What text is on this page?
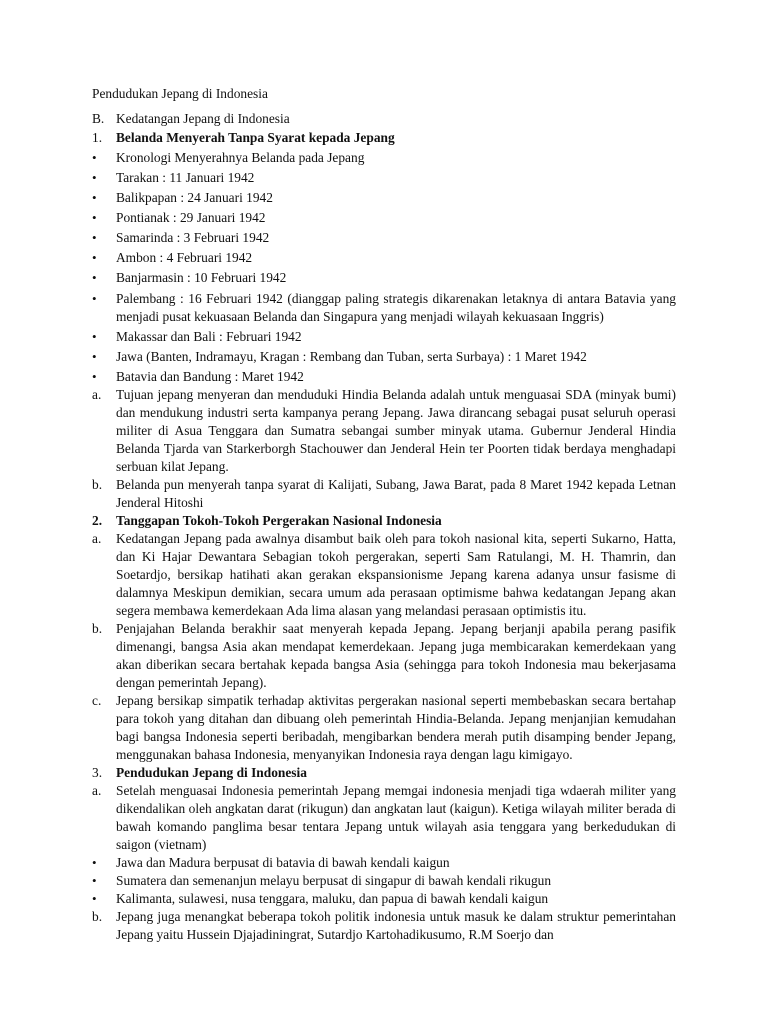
Pendudukan Jepang di Indonesia
B. Kedatangan Jepang di Indonesia
1.	Belanda Menyerah Tanpa Syarat kepada Jepang
•	Kronologi Menyerahnya Belanda pada Jepang
•	Tarakan : 11 Januari 1942
•	Balikpapan : 24 Januari 1942
•	Pontianak : 29 Januari 1942
•	Samarinda : 3 Februari 1942
•	Ambon : 4 Februari 1942
•	Banjarmasin : 10 Februari 1942
•	Palembang : 16 Februari 1942 (dianggap paling strategis dikarenakan letaknya di antara Batavia yang menjadi pusat kekuasaan Belanda dan Singapura yang menjadi wilayah kekuasaan Inggris)
•	Makassar dan Bali : Februari 1942
•	Jawa (Banten, Indramayu, Kragan : Rembang dan Tuban, serta Surbaya) : 1 Maret 1942
•	Batavia dan Bandung : Maret 1942
a.	Tujuan jepang menyeran dan menduduki Hindia Belanda adalah untuk menguasai SDA (minyak bumi) dan mendukung industri serta kampanya perang Jepang. Jawa dirancang sebagai pusat seluruh operasi militer di Asua Tenggara dan Sumatra sebangai sumber minyak utama. Gubernur Jenderal Hindia Belanda Tjarda van Starkerborgh Stachouwer dan Jenderal Hein ter Poorten tidak berdaya menghadapi serbuan kilat Jepang.
b.	Belanda pun menyerah tanpa syarat di Kalijati, Subang, Jawa Barat, pada 8 Maret 1942 kepada Letnan Jenderal Hitoshi
2.	Tanggapan Tokoh-Tokoh Pergerakan Nasional Indonesia
a.	Kedatangan Jepang pada awalnya disambut baik oleh para tokoh nasional kita, seperti Sukarno, Hatta, dan Ki Hajar Dewantara Sebagian tokoh pergerakan, seperti Sam Ratulangi, M. H. Thamrin, dan Soetardjo, bersikap hatihati akan gerakan ekspansionisme Jepang karena adanya unsur fasisme di dalamnya Meskipun demikian, secara umum ada perasaan optimisme bahwa kedatangan Jepang akan segera membawa kemerdekaan Ada lima alasan yang melandasi perasaan optimistis itu.
b.	Penjajahan Belanda berakhir saat menyerah kepada Jepang. Jepang berjanji apabila perang pasifik dimenangi, bangsa Asia akan mendapat kemerdekaan. Jepang juga membicarakan kemerdekaan yang akan diberikan secara bertahak kepada bangsa Asia (sehingga para tokoh Indonesia mau bekerjasama dengan pemerintah Jepang).
c.	Jepang bersikap simpatik terhadap aktivitas pergerakan nasional seperti membebaskan secara bertahap para tokoh yang ditahan dan dibuang oleh pemerintah Hindia-Belanda. Jepang menjanjian kemudahan bagi bangsa Indonesia seperti beribadah, mengibarkan bendera merah putih disamping bender Jepang, menggunakan bahasa Indonesia, menyanyikan Indonesia raya dengan lagu kimigayo.
3.	Pendudukan Jepang di Indonesia
a.	Setelah menguasai Indonesia pemerintah Jepang memgai indonesia menjadi tiga wdaerah militer yang dikendalikan oleh angkatan darat (rikugun) dan angkatan laut (kaigun). Ketiga wilayah militer berada di bawah komando panglima besar tentara Jepang untuk wilayah asia tenggara yang berkedudukan di saigon (vietnam)
•	Jawa dan Madura berpusat di batavia di bawah kendali kaigun
•	Sumatera dan semenanjun melayu berpusat di singapur di bawah kendali rikugun
•	Kalimanta, sulawesi, nusa tenggara, maluku, dan papua di bawah kendali kaigun
b.	Jepang juga menangkat beberapa tokoh politik indonesia untuk masuk ke dalam struktur pemerintahan Jepang yaitu Hussein Djajadiningrat, Sutardjo Kartohadikusumo, R.M Soerjo dan
